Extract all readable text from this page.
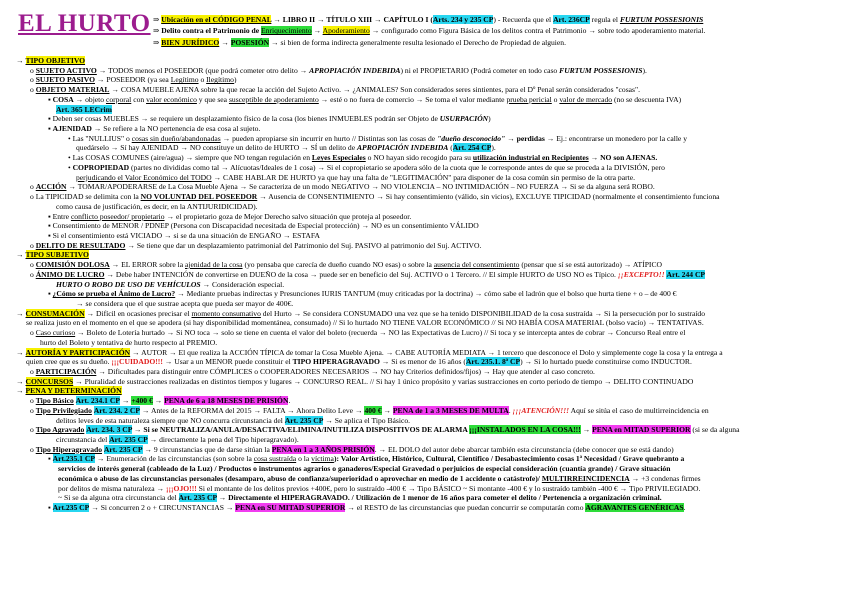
EL HURTO ⇒ Ubicación en el CÓDIGO PENAL → LIBRO II → TÍTULO XIII → CAPÍTULO I (Arts. 234 y 235 CP) - Recuerda que el Art. 236CP regula el FURTUM POSSESIONIS
⇒ Delito contra el Patrimonio de Enriquecimiento → Apoderamiento → configurado como Figura Básica de los delitos contra el Patrimonio → sobre todo apoderamiento material.
⇒ BIEN JURÍDICO → POSESIÓN → si bien de forma indirecta generalmente resulta lesionado el Derecho de Propiedad de alguien.
→ TIPO OBJETIVO
o SUJETO ACTIVO → TODOS menos el POSEEDOR (que podrá cometer otro delito → APROPIACIÓN INDEBIDA) ni el PROPIETARIO (Podrá cometer en todo caso FURTUM POSSESIONIS).
o SUJETO PASIVO → POSEEDOR (ya sea Legítimo o Ilegítimo)
o OBJETO MATERIAL → COSA MUEBLE AJENA sobre la que recae la acción del Sujeto Activo. → ¿ANIMALES? Son considerados seres sintientes, para el Dº Penal serán considerados "cosas".
▪ COSA → objeto corporal con valor económico y que sea susceptible de apoderamiento → esté o no fuera de comercio → Se toma el valor mediante prueba pericial o valor de mercado (no se descuenta IVA)
Art. 365 LECrim
▪ Deben ser cosas MUEBLES → se requiere un desplazamiento físico de la cosa (los bienes INMUEBLES podrán ser Objeto de USURPACIÓN)
▪ AJENIDAD → Se refiere a la NO pertenencia de esa cosa al sujeto.
• Las "NULLIUS" o cosas sin dueño/abandonadas → pueden apropiarse sin incurrir en hurto // Distintas son las cosas de "dueño desconocido" → perdidas → Ej.: encontrarse un monedero por la calle y
quedárselo → Sí hay AJENIDAD → NO constituye un delito de HURTO → SÍ un delito de APROPIACIÓN INDEBIDA (Art. 254 CP).
• Las COSAS COMUNES (aire/agua) → siempre que NO tengan regulación en Leyes Especiales o NO hayan sido recogido para su utilización industrial en Recipientes → NO son AJENAS.
• COPROPIEDAD (partes no divididas como tal → Alícuotas/Ideales de 1 cosa) → Si el copropietario se apodera sólo de la cuota que le corresponde antes de que se proceda a la DIVISIÓN, pero
perjudicando el Valor Económico del TODO → CABE HABLAR DE HURTO ya que hay una falta de "LEGITIMACIÓN" para disponer de la cosa común sin permiso de la otra parte.
o ACCIÓN → TOMAR/APODERARSE de La Cosa Mueble Ajena → Se caracteriza de un modo NEGATIVO → NO VIOLENCIA – NO INTIMIDACIÓN – NO FUERZA → Si se da alguna será ROBO.
o La TIPICIDAD se delimita con la NO VOLUNTAD DEL POSEEDOR → Ausencia de CONSENTIMIENTO → Si hay consentimiento (válido, sin vicios), EXCLUYE TIPICIDAD (normalmente el consentimiento funciona
como causa de justificación, es decir, en la ANTIJURIDICIDAD).
▪ Entre conflicto poseedor/ propietario → el propietario goza de Mejor Derecho salvo situación que proteja al poseedor.
▪ Consentimiento de MENOR / PDNEP (Persona con Discapacidad necesitada de Especial protección) → NO es un consentimiento VÁLIDO
▪ Si el consentimiento está VICIADO → si se da una situación de ENGAÑO → ESTAFA
o DELITO DE RESULTADO → Se tiene que dar un desplazamiento patrimonial del Patrimonio del Suj. PASIVO al patrimonio del Suj. ACTIVO.
→ TIPO SUBJETIVO
o COMISIÓN DOLOSA → EL ERROR sobre la ajenidad de la cosa (yo pensaba que carecía de dueño cuando NO esas) o sobre la ausencia del consentimiento (pensar que sí se está autorizado) → ATÍPICO
o ÁNIMO DE LUCRO → Debe haber INTENCIÓN de convertirse en DUEÑO de la cosa → puede ser en beneficio del Suj. ACTIVO o 1 Tercero. // El simple HURTO de USO NO es Típico. ¡¡EXCEPTO!! Art. 244 CP
HURTO O ROBO DE USO DE VEHÍCULOS → Consideración especial.
▪ ¿Cómo se prueba el Ánimo de Lucro? → Mediante pruebas indirectas y Presunciones IURIS TANTUM (muy criticadas por la doctrina) → cómo sabe el ladrón que el bolso que hurta tiene + o – de 400 €
→ se considera que el que sustrae acepta que pueda ser mayor de 400€.
→ CONSUMACIÓN → Difícil en ocasiones precisar el momento consumativo del Hurto → Se considera CONSUMADO una vez que se ha tenido DISPONIBILIDAD de la cosa sustraída → Si la persecución por lo sustraído
se realiza justo en el momento en el que se apodera (si hay disponibilidad momentánea, consumado) // Si lo hurtado NO TIENE VALOR ECONÓMICO // Si NO HABÍA COSA MATERIAL (bolso vacío) → TENTATIVAS.
o Caso curioso → Boleto de Lotería hurtado → Si NO toca → solo se tiene en cuenta el valor del boleto (recuerda → NO las Expectativas de Lucro) // Si toca y se intercepta antes de cobrar → Concurso Real entre el
hurto del Boleto y tentativa de hurto respecto al PREMIO.
→ AUTORÍA Y PARTICIPACIÓN → AUTOR → El que realiza la ACCIÓN TÍPICA de tomar la Cosa Mueble Ajena. → CABE AUTORÍA MEDIATA → 1 tercero que desconoce el Dolo y simplemente coge la cosa y la entrega a
quien cree que es su dueño. ¡¡¡CUIDADO!!! → Usar a un MENOR puede constituir el TIPO HIPERAGRAVADO → Si es menor de 16 años (Art. 235.1. 8ª CP) → Si lo hurtado puede constituirse como INDUCTOR.
o PARTICIPACIÓN → Dificultades para distinguir entre CÓMPLICES o COOPERADORES NECESARIOS → NO hay Criterios definidos/fijos) → Hay que atender al caso concreto.
→ CONCURSOS → Pluralidad de sustracciones realizadas en distintos tiempos y lugares → CONCURSO REAL. // Si hay 1 único propósito y varias sustracciones en corto periodo de tiempo → DELITO CONTINUADO
→ PENA Y DETERMINACIÓN
o Tipo Básico Art. 234.1 CP → +400 € → PENA de 6 a 18 MESES DE PRISIÓN.
o Tipo Privilegiado Art. 234. 2 CP → Antes de la REFORMA del 2015 → FALTA → Ahora Delito Leve → 400 € → PENA de 1 a 3 MESES DE MULTA. ¡¡¡ATENCIÓN!!! Aquí se sitúa el caso de multirreincidencia en
delitos leves de esta naturaleza siempre que NO concurra circunstancia del Art. 235 CP → Se aplica el Tipo Básico.
o Tipo Agravado Art. 234. 3 CP → Si se NEUTRALIZA/ANULA/DESACTIVA/ELIMINA/INUTILIZA DISPOSITIVOS DE ALARMA ¡¡¡INSTALADOS EN LA COSA!!! → PENA en MITAD SUPERIOR (si se da alguna
circunstancia del Art. 235 CP → directamente la pena del Tipo hiperagravado).
o Tipo Hiperagravado Art. 235 CP → 9 circunstancias que de darse sitúan la PENA en 1 a 3 AÑOS PRISIÓN. → EL DOLO del autor debe abarcar también esta circunstancia (debe conocer que se está dando)
▪ Art.235.1 CP → Enumeración de las circunstancias (son sobre la cosa sustraída o la víctima): Valor Artístico, Histórico, Cultural, Científico / Desabastecimiento cosas 1ª Necesidad / Grave quebranto a
servicios de interés general (cableado de la Luz) / Productos o instrumentos agrarios o ganaderos/Especial Gravedad o perjuicios de especial consideración (cuantía grande) / Grave situación
económica o abuso de las circunstancias personales (desamparo, abuso de confianza/superioridad o aprovechar en medio de 1 accidente o catástrofe)/ MULTIRREINCIDENCIA → +3 condenas firmes
por delitos de misma naturaleza → ¡¡¡OJO!!! Si el montante de los delitos previos +400€, pero lo sustraído -400 € → Tipo BÁSICO ~ Si montante -400 € y lo sustraído también -400 € → Tipo PRIVILEGIADO.
~ Si se da alguna otra circunstancia del Art. 235 CP → Directamente el HIPERAGRAVADO. / Utilización de 1 menor de 16 años para cometer el delito / Pertenencia a organización criminal.
▪ Art.235 CP → Si concurren 2 o + CIRCUNSTANCIAS → PENA en SU MITAD SUPERIOR → el RESTO de las circunstancias que puedan concurrir se computarán como AGRAVANTES GENÉRICAS.
